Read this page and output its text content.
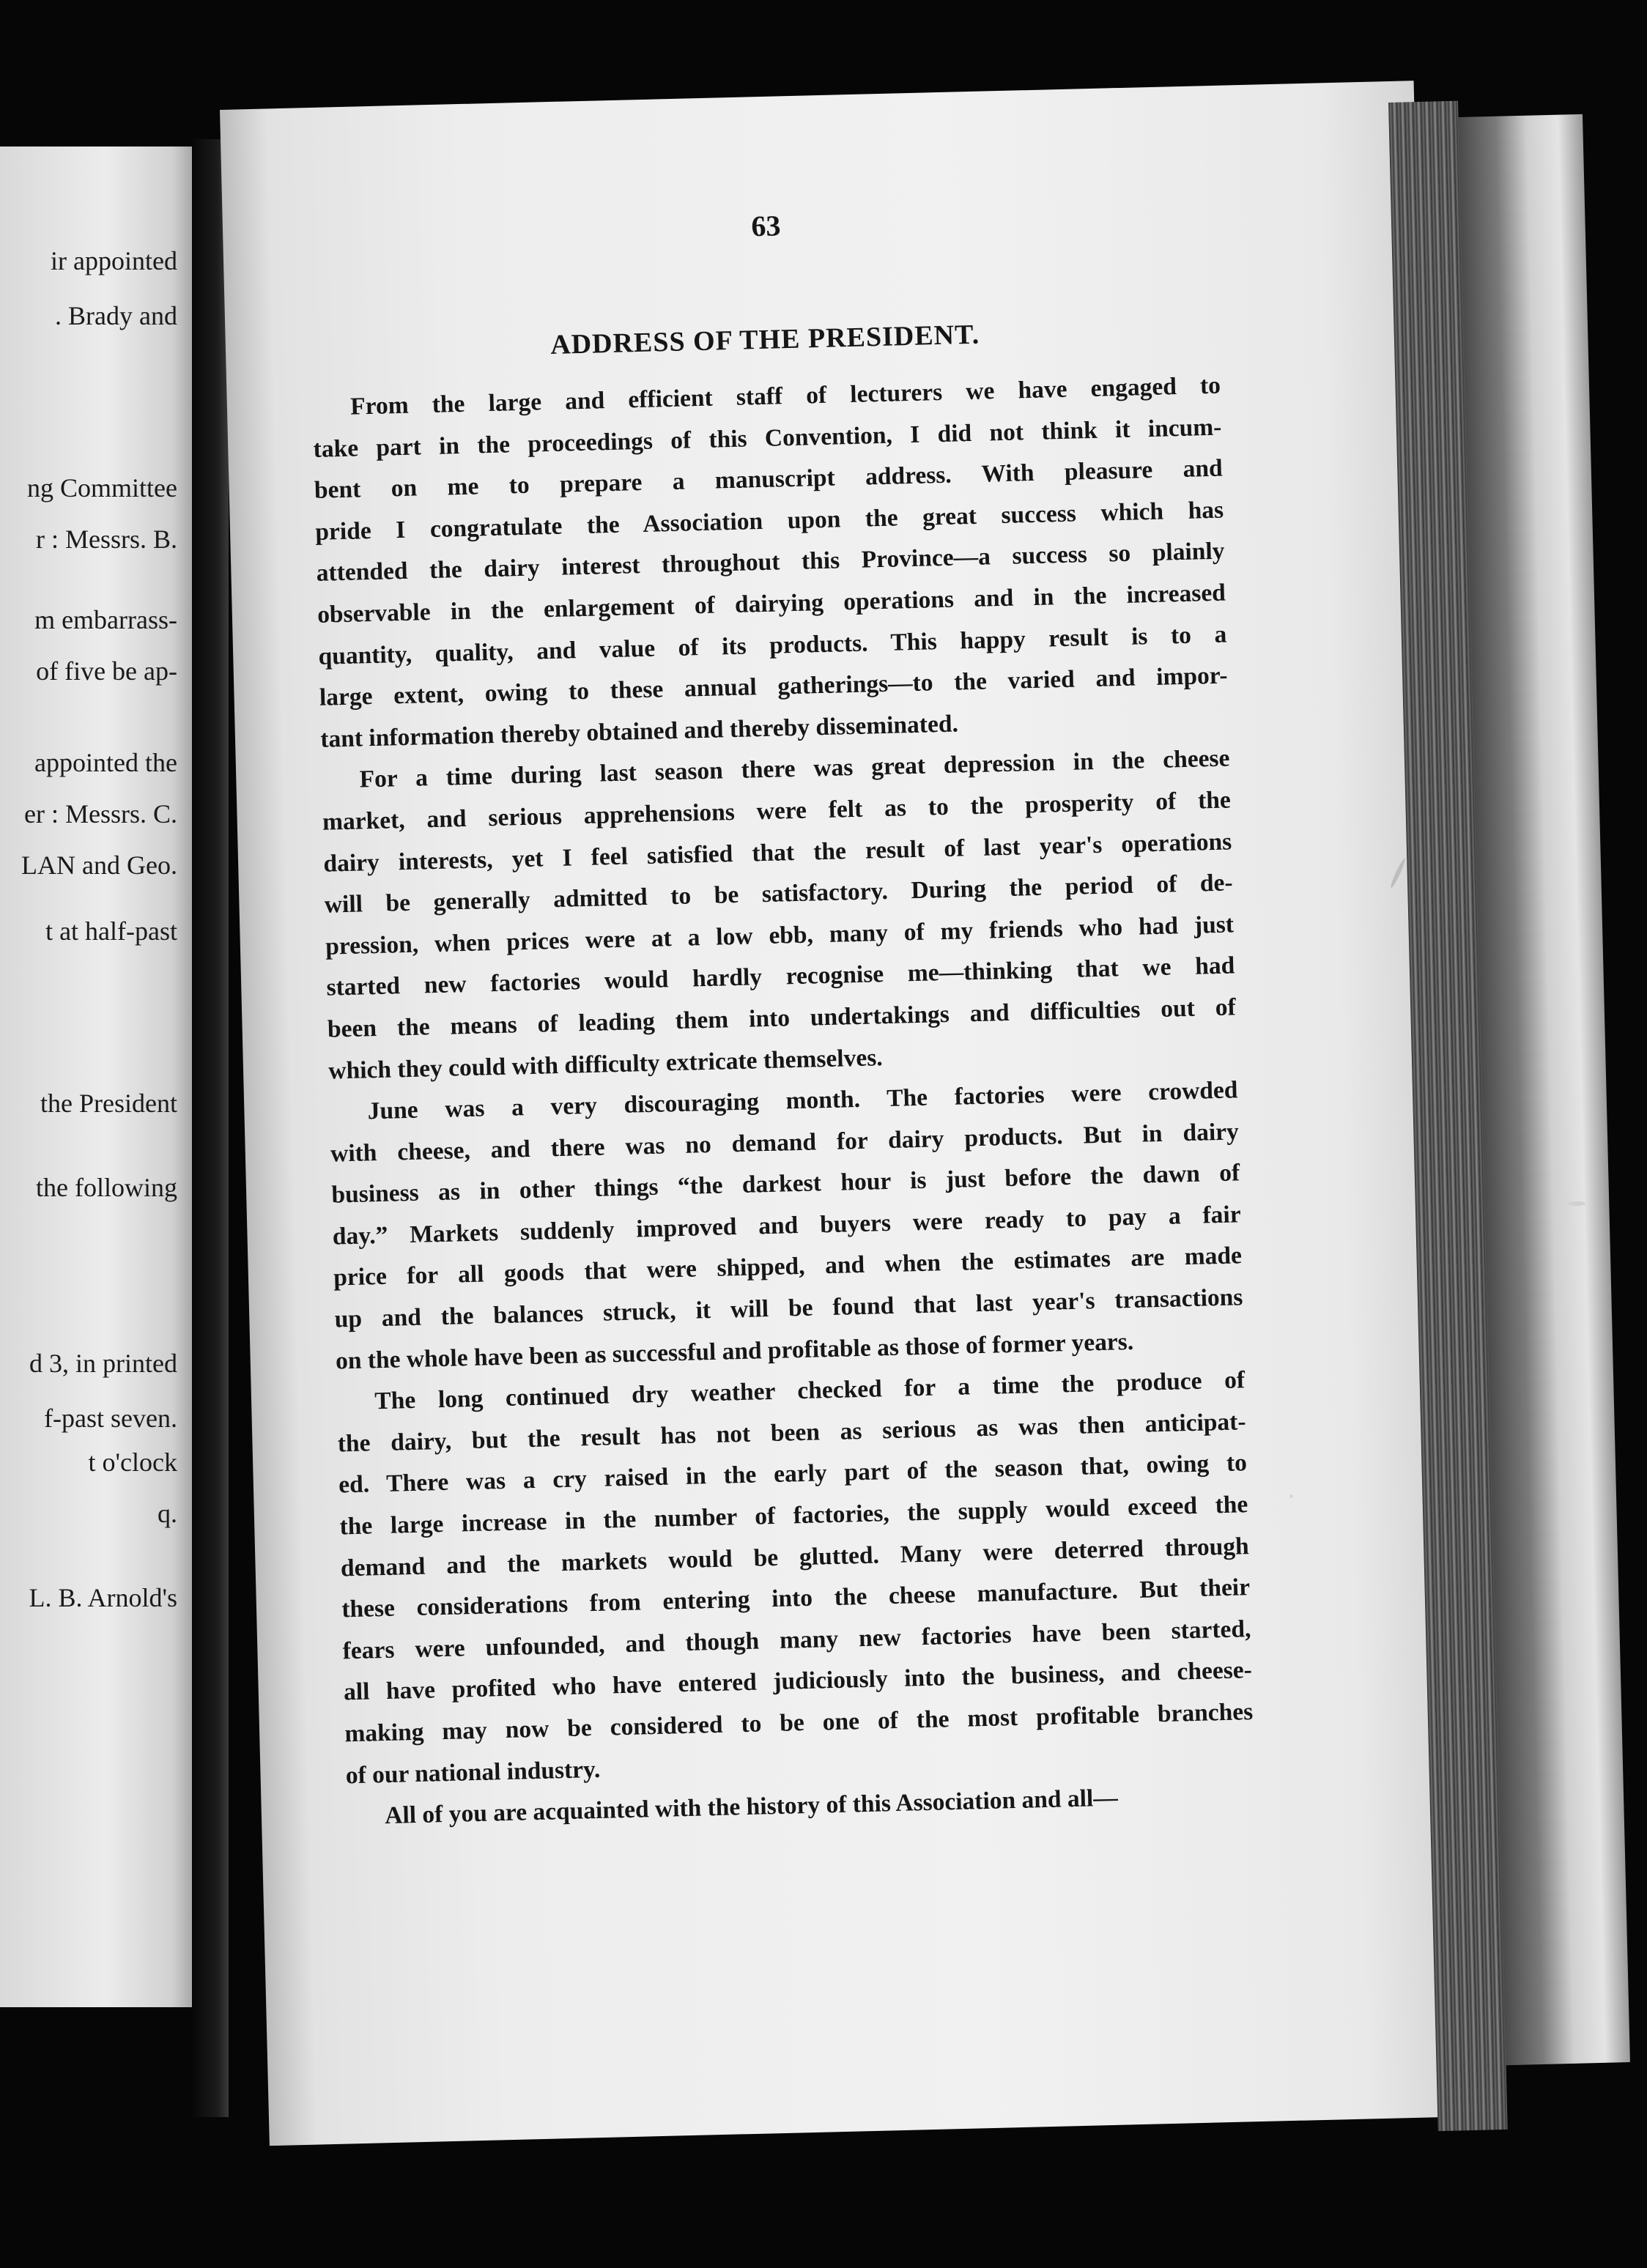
ir appointed
. Brady and
ng Committee
r : Messrs. B.
m embarrass-
of five be ap-
appointed the
er : Messrs. C.
LAN and Geo.
t at half-past
the President
the following
d 3, in printed
f-past seven.
t o'clock
q.
L. B. Arnold's
63
ADDRESS OF THE PRESIDENT.
From the large and efficient staff of lecturers we have engaged to
take part in the proceedings of this Convention, I did not think it incum-
bent on me to prepare a manuscript address. With pleasure and
pride I congratulate the Association upon the great success which has
attended the dairy interest throughout this Province—a success so plainly
observable in the enlargement of dairying operations and in the increased
quantity, quality, and value of its products. This happy result is to a
large extent, owing to these annual gatherings—to the varied and impor-
tant information thereby obtained and thereby disseminated.
For a time during last season there was great depression in the cheese
market, and serious apprehensions were felt as to the prosperity of the
dairy interests, yet I feel satisfied that the result of last year's operations
will be generally admitted to be satisfactory. During the period of de-
pression, when prices were at a low ebb, many of my friends who had just
started new factories would hardly recognise me—thinking that we had
been the means of leading them into undertakings and difficulties out of
which they could with difficulty extricate themselves.
June was a very discouraging month. The factories were crowded
with cheese, and there was no demand for dairy products. But in dairy
business as in other things “the darkest hour is just before the dawn of
day.” Markets suddenly improved and buyers were ready to pay a fair
price for all goods that were shipped, and when the estimates are made
up and the balances struck, it will be found that last year's transactions
on the whole have been as successful and profitable as those of former years.
The long continued dry weather checked for a time the produce of
the dairy, but the result has not been as serious as was then anticipat-
ed. There was a cry raised in the early part of the season that, owing to
the large increase in the number of factories, the supply would exceed the
demand and the markets would be glutted. Many were deterred through
these considerations from entering into the cheese manufacture. But their
fears were unfounded, and though many new factories have been started,
all have profited who have entered judiciously into the business, and cheese-
making may now be considered to be one of the most profitable branches
of our national industry.
All of you are acquainted with the history of this Association and all—
